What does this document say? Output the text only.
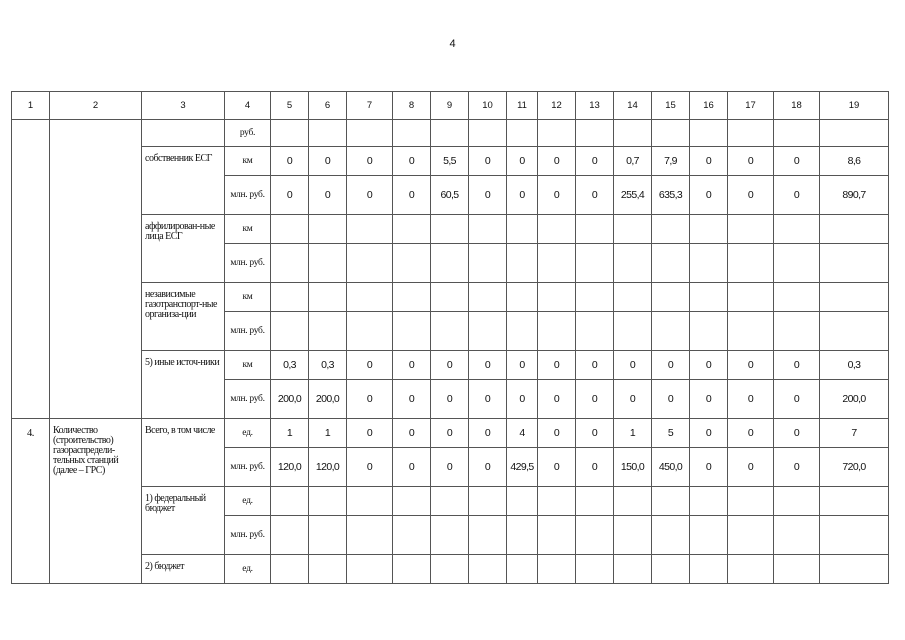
4
1	2	3	4	5	6	7	8	9	10	11	12	13	14	15	16	17	18	19
			руб.															
		собственник ЕСГ	км	0	0	0	0	5,5	0	0	0	0	0,7	7,9	0	0	0	8,6
			млн. руб.	0	0	0	0	60,5	0	0	0	0	255,4	635,3	0	0	0	890,7
		аффилирован-ные лица ЕСГ	км															
			млн. руб.															
		независимые газотранспорт-ные организа-ции	км															
			млн. руб.															
		5) иные источ-ники	км	0,3	0,3	0	0	0	0	0	0	0	0	0	0	0	0	0,3
			млн. руб.	200,0	200,0	0	0	0	0	0	0	0	0	0	0	0	0	200,0
4.	Количество (строительство) газораспредели-тельных станций (далее – ГРС)	Всего, в том числе	ед.	1	1	0	0	0	0	4	0	0	1	5	0	0	0	7
			млн. руб.	120,0	120,0	0	0	0	0	429,5	0	0	150,0	450,0	0	0	0	720,0
		1) федеральный бюджет	ед.															
			млн. руб.															
		2) бюджет	ед.															
